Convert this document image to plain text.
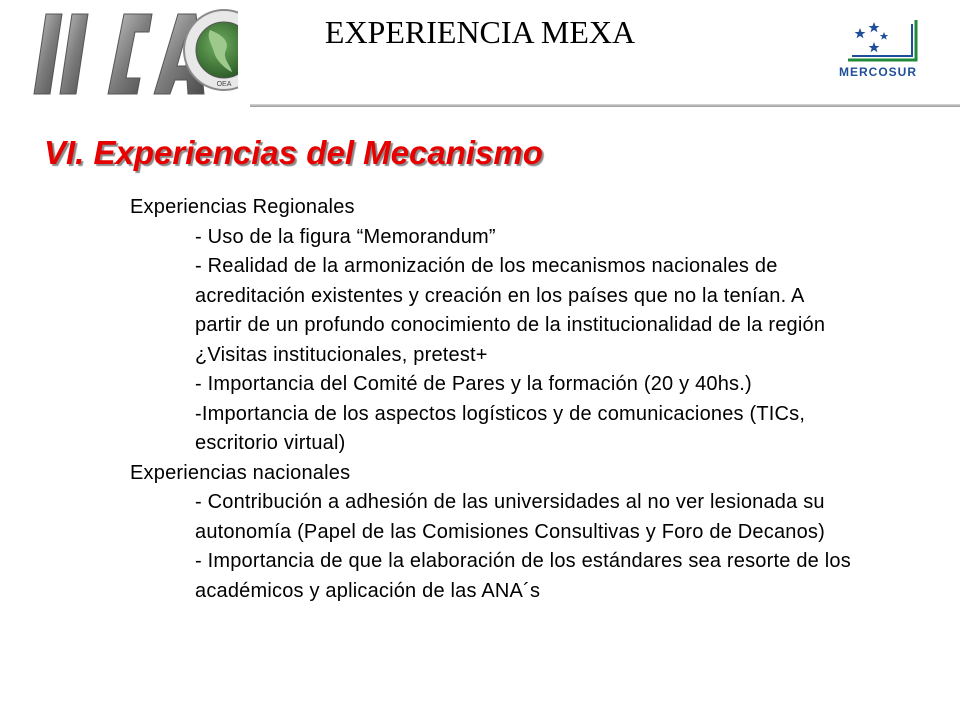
OEA
EXPERIENCIA MEXA
MERCOSUR
VI. Experiencias del Mecanismo
Experiencias Regionales
- Uso de la figura “Memorandum”
- Realidad de la armonización de los mecanismos nacionales de acreditación existentes y creación en los países que no la tenían. A partir de un profundo conocimiento de la institucionalidad de la región ¿Visitas institucionales, pretest+
- Importancia del Comité de Pares y la formación (20 y 40hs.)
-Importancia de los aspectos logísticos y de comunicaciones (TICs, escritorio virtual)
Experiencias nacionales
- Contribución a adhesión de las universidades al no ver lesionada su autonomía (Papel de las Comisiones Consultivas y Foro de Decanos)
- Importancia de que la elaboración de los estándares sea resorte de los académicos y aplicación de las ANA´s
